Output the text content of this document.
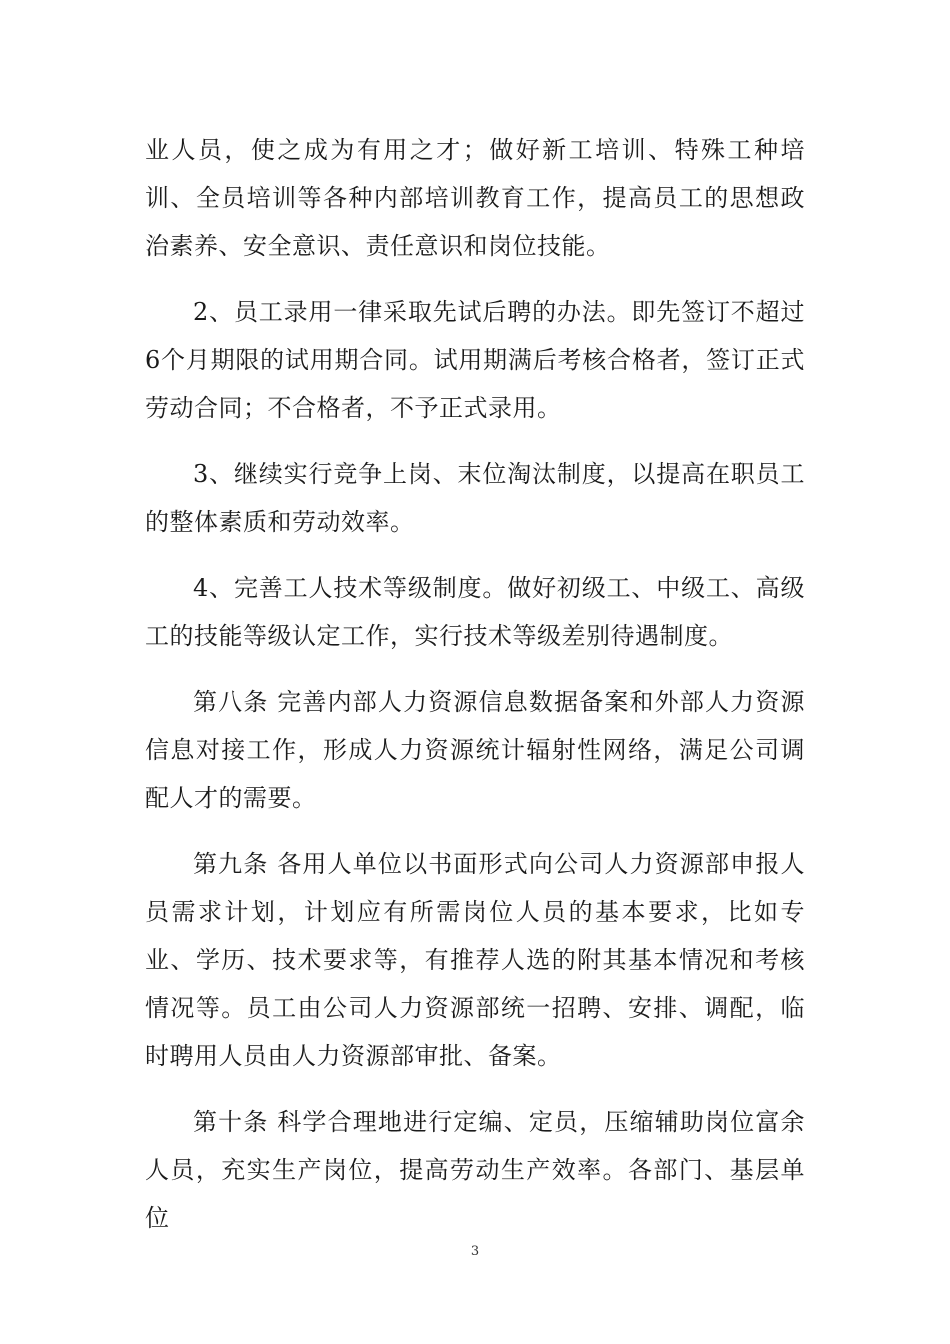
业人员，使之成为有用之才；做好新工培训、特殊工种培训、全员培训等各种内部培训教育工作，提高员工的思想政治素养、安全意识、责任意识和岗位技能。

2、员工录用一律采取先试后聘的办法。即先签订不超过6个月期限的试用期合同。试用期满后考核合格者，签订正式劳动合同；不合格者，不予正式录用。

3、继续实行竞争上岗、末位淘汰制度，以提高在职员工的整体素质和劳动效率。

4、完善工人技术等级制度。做好初级工、中级工、高级工的技能等级认定工作，实行技术等级差别待遇制度。

第八条 完善内部人力资源信息数据备案和外部人力资源信息对接工作，形成人力资源统计辐射性网络，满足公司调配人才的需要。

第九条 各用人单位以书面形式向公司人力资源部申报人员需求计划，计划应有所需岗位人员的基本要求，比如专业、学历、技术要求等，有推荐人选的附其基本情况和考核情况等。员工由公司人力资源部统一招聘、安排、调配，临时聘用人员由人力资源部审批、备案。

第十条 科学合理地进行定编、定员，压缩辅助岗位富余人员，充实生产岗位，提高劳动生产效率。各部门、基层单位

3
